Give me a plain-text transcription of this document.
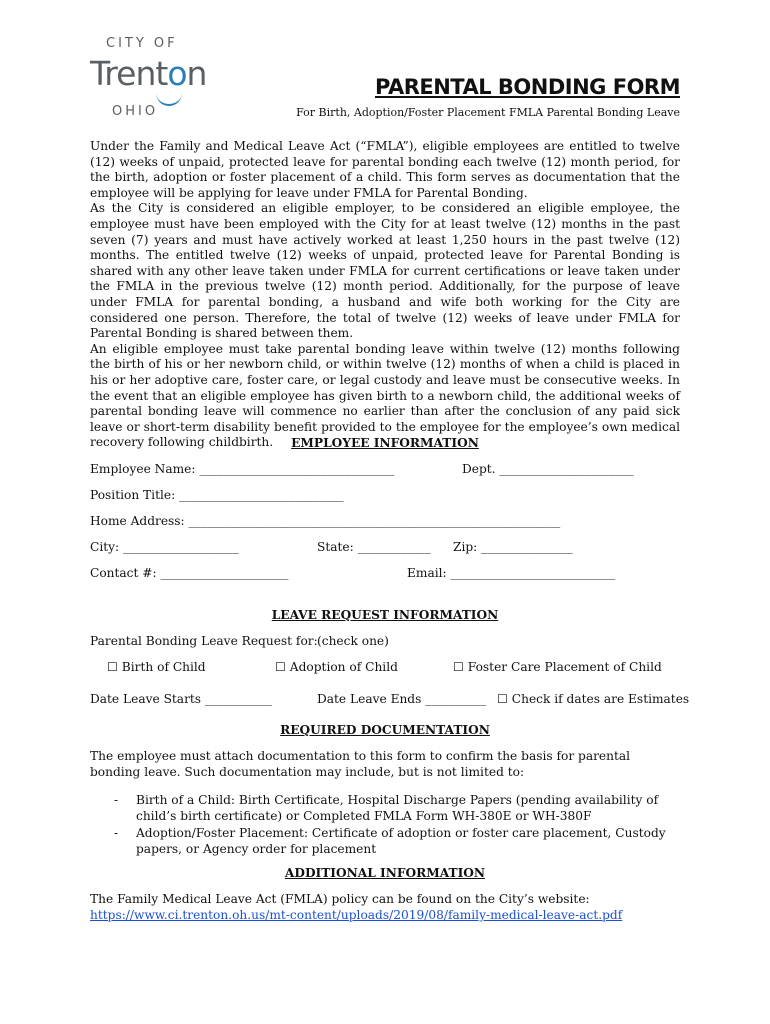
CITY OF
Trenton
OHIO
PARENTAL BONDING FORM
For Birth, Adoption/Foster Placement FMLA Parental Bonding Leave
Under the Family and Medical Leave Act (“FMLA”), eligible employees are entitled to twelve (12) weeks of unpaid, protected leave for parental bonding each twelve (12) month period, for the birth, adoption or foster placement of a child. This form serves as documentation that the employee will be applying for leave under FMLA for Parental Bonding.
As the City is considered an eligible employer, to be considered an eligible employee, the employee must have been employed with the City for at least twelve (12) months in the past seven (7) years and must have actively worked at least 1,250 hours in the past twelve (12) months. The entitled twelve (12) weeks of unpaid, protected leave for Parental Bonding is shared with any other leave taken under FMLA for current certifications or leave taken under the FMLA in the previous twelve (12) month period. Additionally, for the purpose of leave under FMLA for parental bonding, a husband and wife both working for the City are considered one person. Therefore, the total of twelve (12) weeks of leave under FMLA for Parental Bonding is shared between them.
An eligible employee must take parental bonding leave within twelve (12) months following the birth of his or her newborn child, or within twelve (12) months of when a child is placed in his or her adoptive care, foster care, or legal custody and leave must be consecutive weeks. In the event that an eligible employee has given birth to a newborn child, the additional weeks of parental bonding leave will commence no earlier than after the conclusion of any paid sick leave or short-term disability benefit provided to the employee for the employee’s own medical recovery following childbirth.	EMPLOYEE INFORMATION
Employee Name: ________________________________	Dept. ______________________
Position Title: ___________________________
Home Address: _____________________________________________________________
City: ___________________	State: ____________ Zip: _______________
Contact #: _____________________	Email: ___________________________
LEAVE REQUEST INFORMATION
Parental Bonding Leave Request for: (check one)
☐ Birth of Child	☐ Adoption of Child	☐ Foster Care Placement of Child
Date Leave Starts ___________	Date Leave Ends __________ ☐ Check if dates are Estimates
REQUIRED DOCUMENTATION
The employee must attach documentation to this form to confirm the basis for parental bonding leave. Such documentation may include, but is not limited to:
- Birth of a Child: Birth Certificate, Hospital Discharge Papers (pending availability of child’s birth certificate) or Completed FMLA Form WH-380E or WH-380F
- Adoption/Foster Placement: Certificate of adoption or foster care placement, Custody papers, or Agency order for placement
ADDITIONAL INFORMATION
The Family Medical Leave Act (FMLA) policy can be found on the City’s website:
https://www.ci.trenton.oh.us/mt-content/uploads/2019/08/family-medical-leave-act.pdf
